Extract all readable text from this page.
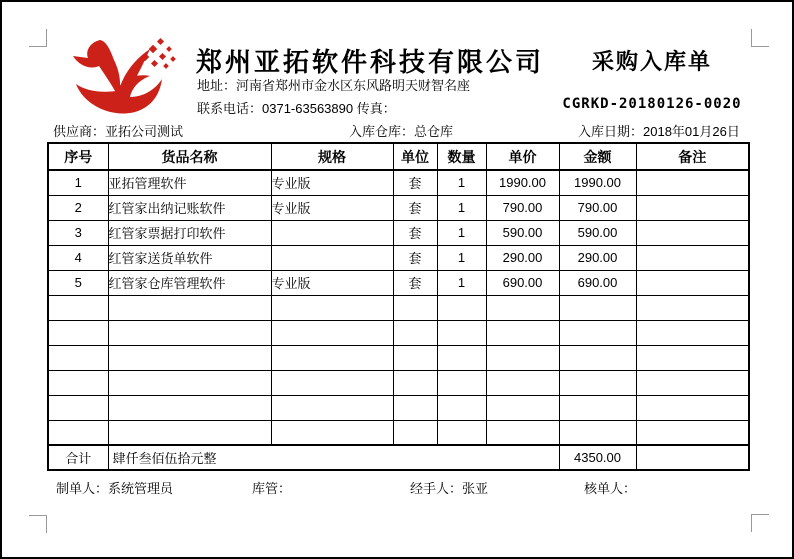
郑州亚拓软件科技有限公司
地址：河南省郑州市金水区东风路明天财智名座
联系电话：0371-63563890 传真：
采购入库单
CGRKD-20180126-0020
供应商：亚拓公司测试	入库仓库：总仓库	入库日期：2018年01月26日
序号	货品名称	规格	单位	数量	单价	金额	备注
1	亚拓管理软件	专业版	套	1	1990.00	1990.00	
2	红管家出纳记账软件	专业版	套	1	790.00	790.00	
3	红管家票据打印软件		套	1	590.00	590.00	
4	红管家送货单软件		套	1	290.00	290.00	
5	红管家仓库管理软件	专业版	套	1	690.00	690.00	

合计	肆仟叁佰伍拾元整					4350.00	
制单人：系统管理员	库管：	经手人：张亚	核单人：
